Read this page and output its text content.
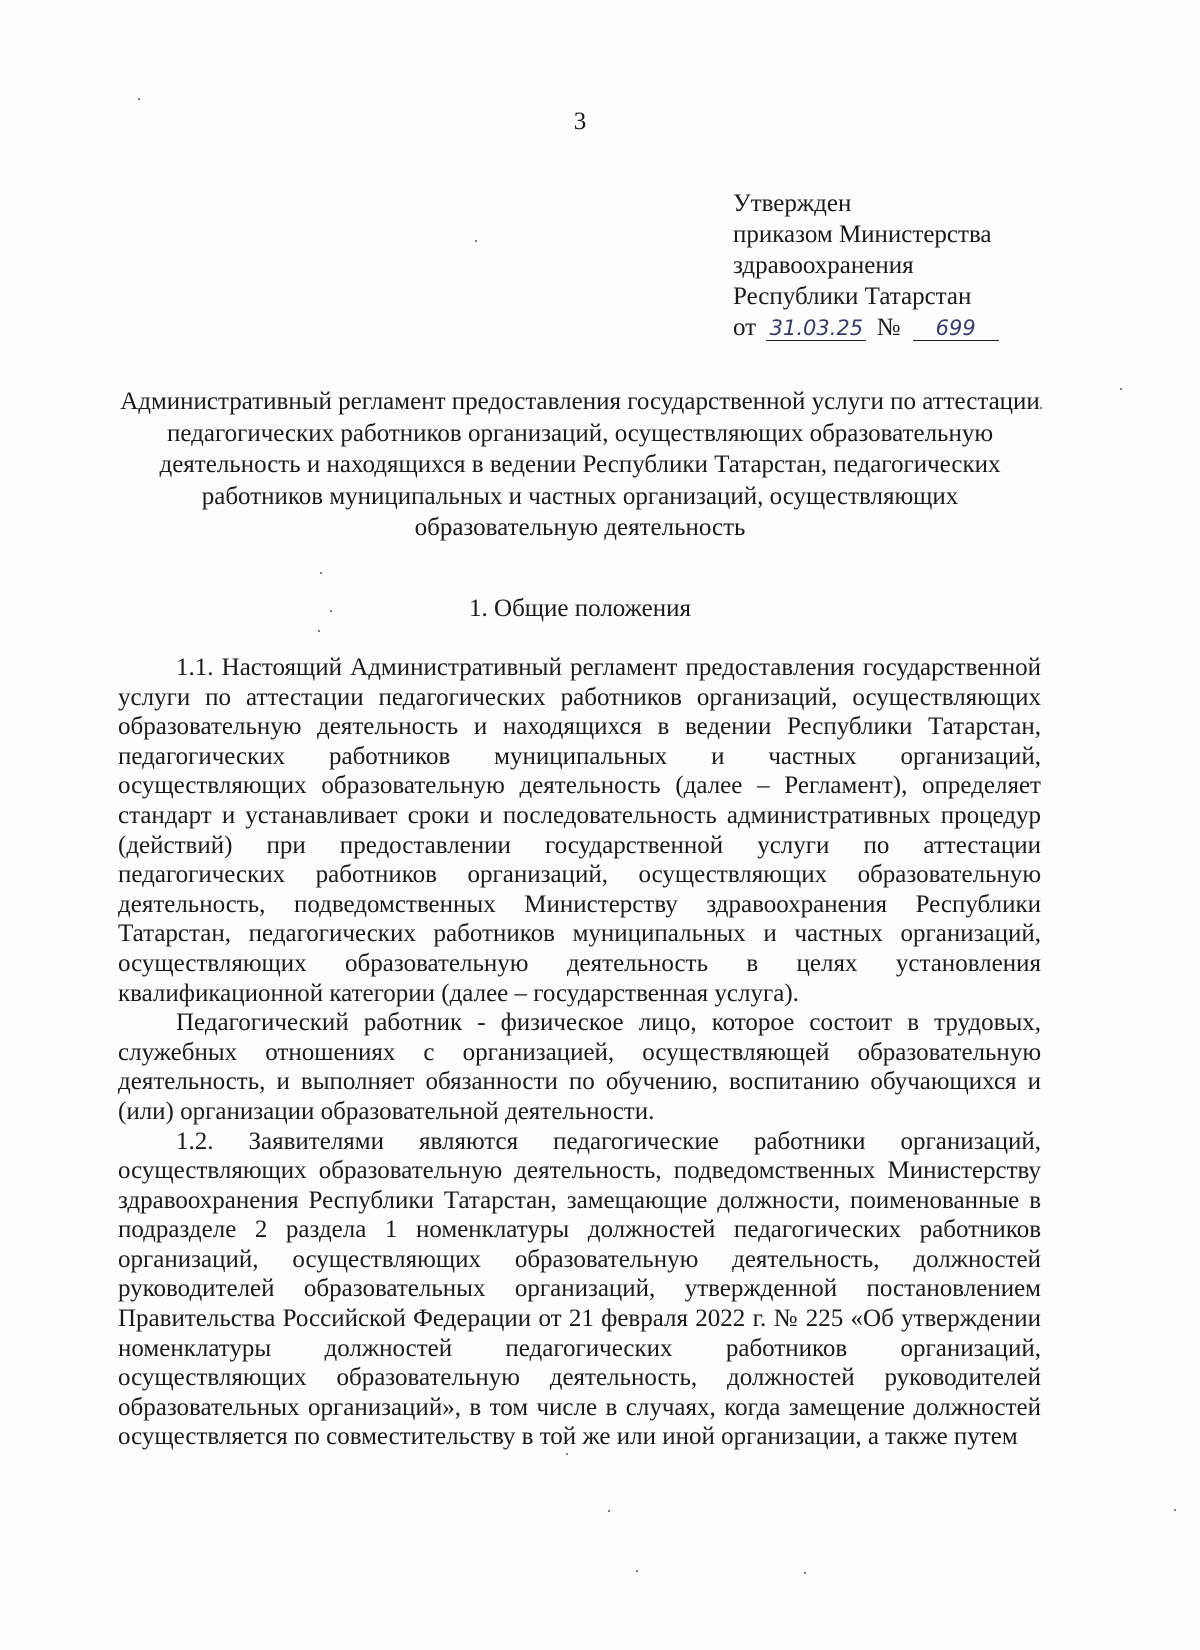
3
Утвержден
приказом Министерства
здравоохранения
Республики Татарстан
от 31.03.25 № 699
Административный регламент предоставления государственной услуги по аттестации педагогических работников организаций, осуществляющих образовательную деятельность и находящихся в ведении Республики Татарстан, педагогических работников муниципальных и частных организаций, осуществляющих образовательную деятельность
1. Общие положения

1.1. Настоящий Административный регламент предоставления государственной услуги по аттестации педагогических работников организаций, осуществляющих образовательную деятельность и находящихся в ведении Республики Татарстан, педагогических работников муниципальных и частных организаций, осуществляющих образовательную деятельность (далее – Регламент), определяет стандарт и устанавливает сроки и последовательность административных процедур (действий) при предоставлении государственной услуги по аттестации педагогических работников организаций, осуществляющих образовательную деятельность, подведомственных Министерству здравоохранения Республики Татарстан, педагогических работников муниципальных и частных организаций, осуществляющих образовательную деятельность в целях установления квалификационной категории (далее – государственная услуга).

Педагогический работник - физическое лицо, которое состоит в трудовых, служебных отношениях с организацией, осуществляющей образовательную деятельность, и выполняет обязанности по обучению, воспитанию обучающихся и (или) организации образовательной деятельности.

1.2. Заявителями являются педагогические работники организаций, осуществляющих образовательную деятельность, подведомственных Министерству здравоохранения Республики Татарстан, замещающие должности, поименованные в подразделе 2 раздела 1 номенклатуры должностей педагогических работников организаций, осуществляющих образовательную деятельность, должностей руководителей образовательных организаций, утвержденной постановлением Правительства Российской Федерации от 21 февраля 2022 г. № 225 «Об утверждении номенклатуры должностей педагогических работников организаций, осуществляющих образовательную деятельность, должностей руководителей образовательных организаций», в том числе в случаях, когда замещение должностей осуществляется по совместительству в той же или иной организации, а также путем
